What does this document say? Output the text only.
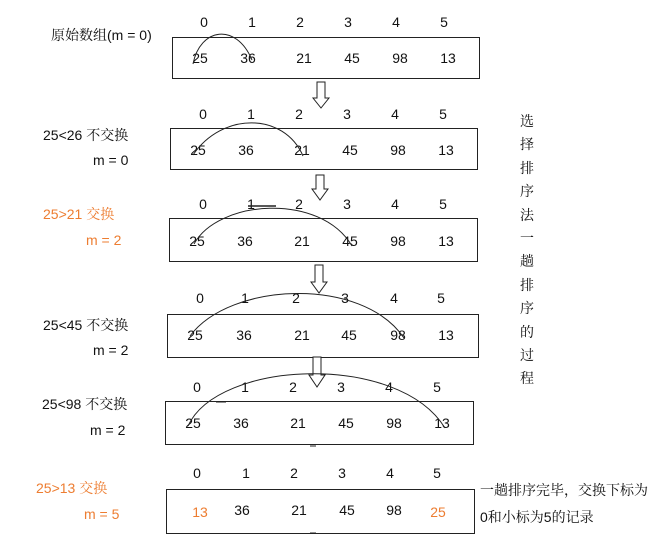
原始数组(m = 0)
0	1	2	3	4	5
25 36	21 45 98 13
25<26 不交换
m = 0
0	1	2	3	4	5
25 36	21 45 98 13
25>21 交换
m = 2
0	1	2	3	4	5
25 36	21 45 98 13
25<45 不交换
m = 2
0	1	2	3	4	5
25 36	21 45 98 13
25<98 不交换
m = 2
0	1	2	3	4	5
25 36	21 45 98 13
25>13 交换
m = 5
0	1	2	3	4	5
13 36	21 45 98 25
选择排序法一趟排序的过程
一趟排序完毕，交换下标为
0和小标为5的记录
